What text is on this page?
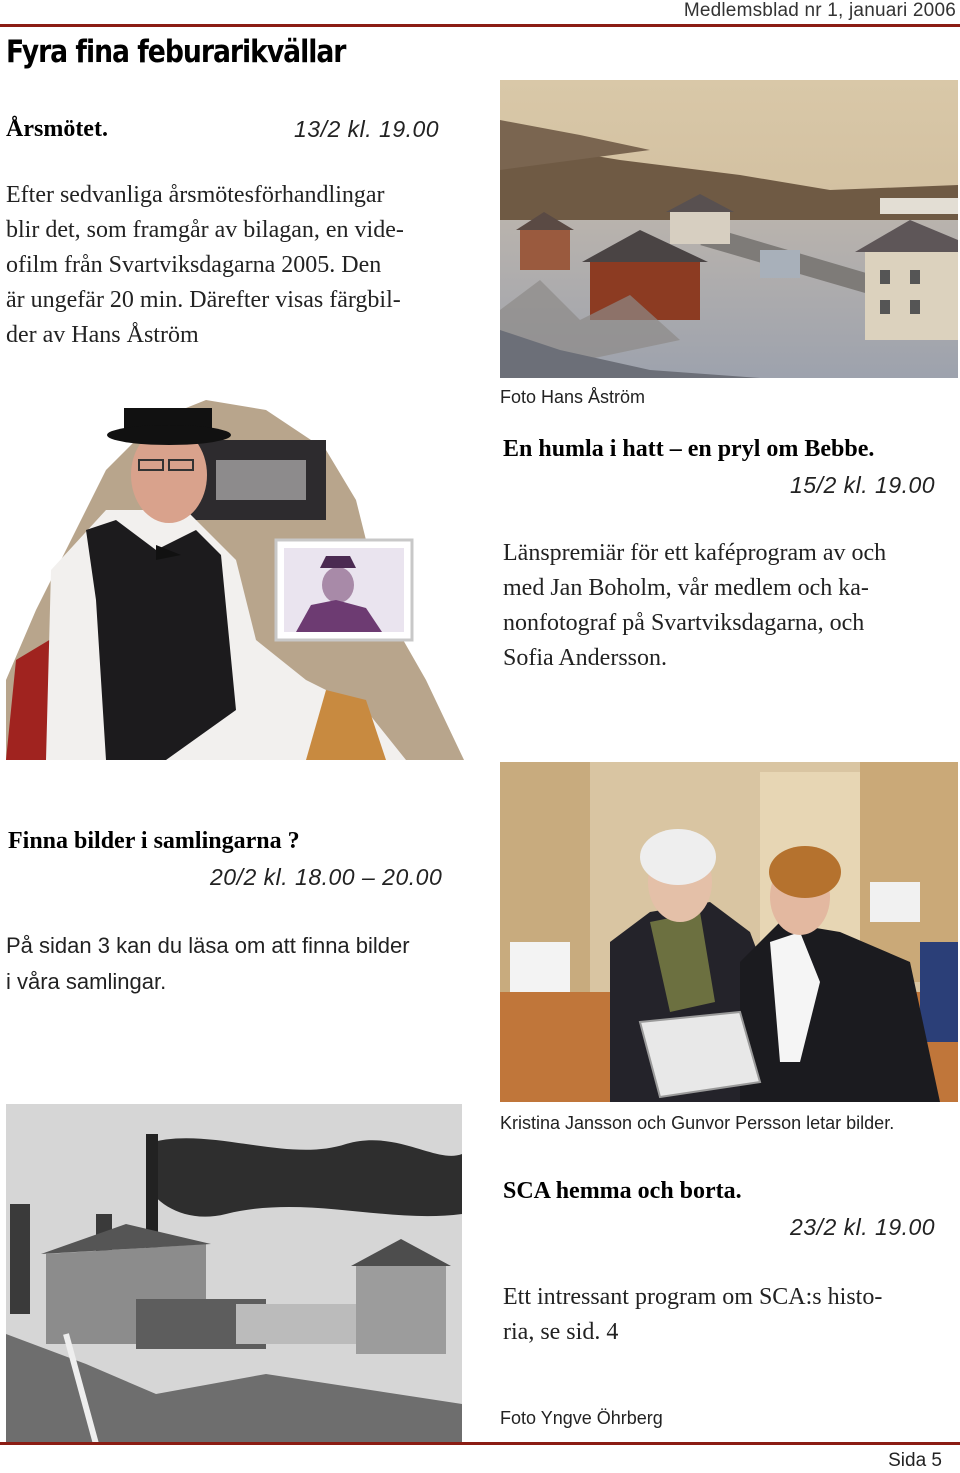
Medlemsblad nr 1, januari 2006
Fyra fina feburarikvällar
Årsmötet.	13/2 kl. 19.00
Efter sedvanliga årsmötesförhandlingar
blir det, som framgår av bilagan, en vide-
ofilm från Svartviksdagarna 2005. Den
är ungefär 20 min. Därefter visas färgbil-
der av Hans Åström
Foto Hans Åström
En humla i hatt – en pryl om Bebbe.
15/2 kl. 19.00
Länspremiär för ett kaféprogram av och
med Jan Boholm, vår medlem och ka-
nonfotograf på Svartviksdagarna, och
Sofia Andersson.
Finna bilder i samlingarna ?
20/2 kl. 18.00 – 20.00
På sidan 3 kan du läsa om att finna bilder
i våra samlingar.
Kristina Jansson och Gunvor Persson letar bilder.
SCA hemma och borta.
23/2 kl. 19.00
Ett intressant program om SCA:s histo-
ria, se sid. 4
Foto Yngve Öhrberg
Sida 5
